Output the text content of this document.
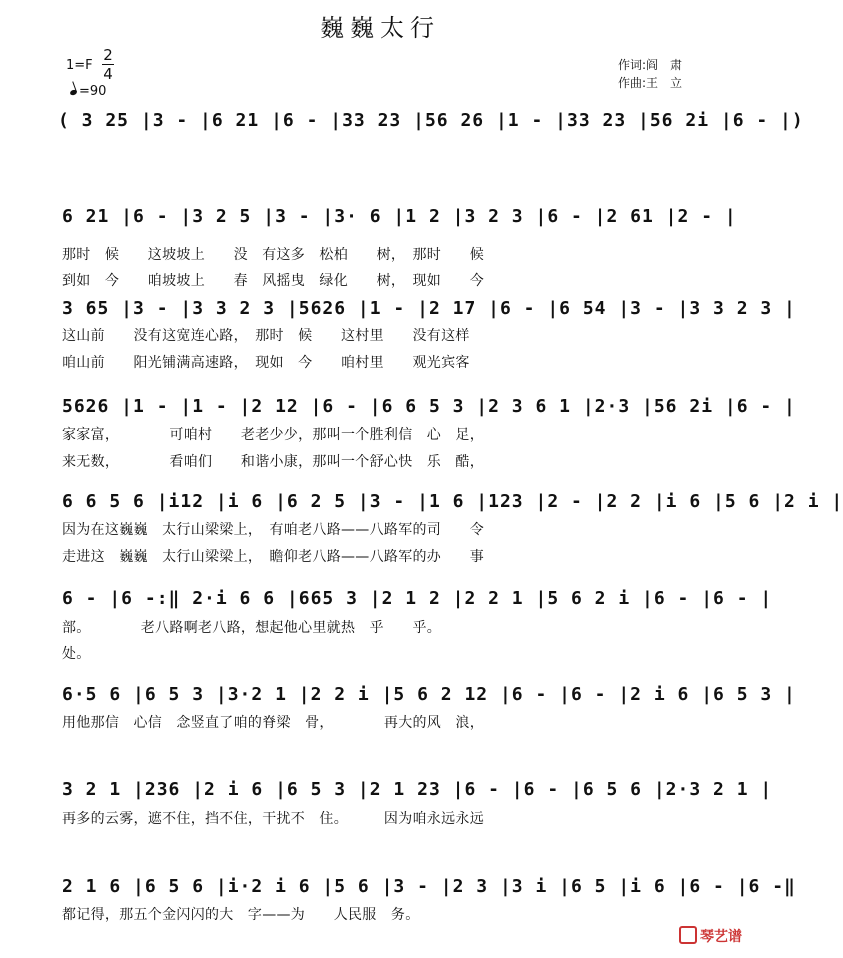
巍巍太行
1=F
2
4
=90
作词:阎　肃
作曲:王　立
( 3 25 |3 - |6 21 |6 - |33 23 |56 26 |1 - |33 23 |56 2i |6 - |)
6 21 |6 - |3 2 5 |3 - |3· 6 |1 2 |3 2 3 |6 - |2 61 |2 - |
那时　候　　这坡坡上　　没　有这多　松柏　　树，　那时　　候
到如　今　　咱坡坡上　　春　风摇曳　绿化　　树，　现如　　今
3 65 |3 - |3 3 2 3 |5626 |1 - |2 17 |6 - |6 54 |3 - |3 3 2 3 |
这山前　　没有这宽连心路，　那时　候　　这村里　　没有这样
咱山前　　阳光铺满高速路，　现如　今　　咱村里　　观光宾客
5626 |1 - |1 - |2 12 |6 - |6 6 5 3 |2 3 6 1 |2·3 |56 2i |6 - |
家家富，　　　　可咱村　　老老少少，那叫一个胜利信　心　足，
来无数，　　　　看咱们　　和谐小康，那叫一个舒心快　乐　酷，
6 6 5 6 |i12 |i 6 |6 2 5 |3 - |1 6 |123 |2 - |2 2 |i 6 |5 6 |2 i |
因为在这巍巍　太行山梁梁上，　有咱老八路——八路军的司　　令
走进这　巍巍　太行山梁梁上，　瞻仰老八路——八路军的办　　事
6 - |6 -:‖ 2·i 6 6 |665 3 |2 1 2 |2 2 1 |5 6 2 i |6 - |6 - |
部。　　　　老八路啊老八路，想起他心里就热　乎　　乎。
处。
6·5 6 |6 5 3 |3·2 1 |2 2 i |5 6 2 12 |6 - |6 - |2 i 6 |6 5 3 |
用他那信　心信　念竖直了咱的脊梁　骨，　　　　再大的风　浪，
3 2 1 |236 |2 i 6 |6 5 3 |2 1 23 |6 - |6 - |6 5 6 |2·3 2 1 |
再多的云雾，遮不住，挡不住，干扰不　住。　　　因为咱永远永远
2 1 6 |6 5 6 |i·2 i 6 |5 6 |3 - |2 3 |3 i |6 5 |i 6 |6 - |6 -‖
都记得，那五个金闪闪的大　字——为　　人民服　务。
琴艺谱
